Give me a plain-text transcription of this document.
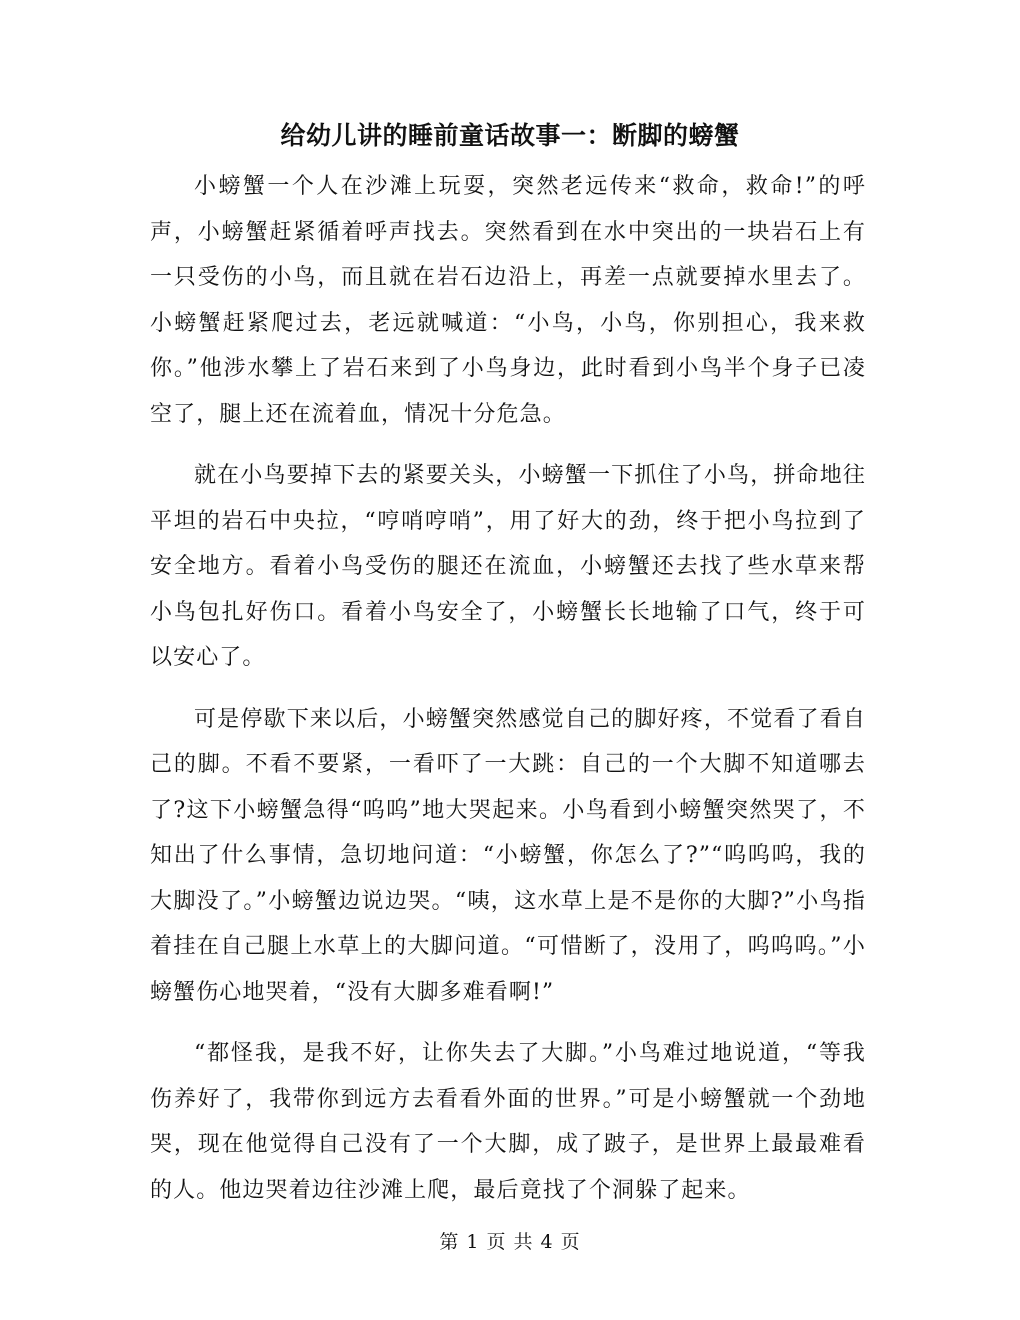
给幼儿讲的睡前童话故事一：断脚的螃蟹

小螃蟹一个人在沙滩上玩耍，突然老远传来“救命，救命!”的呼声，小螃蟹赶紧循着呼声找去。突然看到在水中突出的一块岩石上有一只受伤的小鸟，而且就在岩石边沿上，再差一点就要掉水里去了。小螃蟹赶紧爬过去，老远就喊道：“小鸟，小鸟，你别担心，我来救你。”他涉水攀上了岩石来到了小鸟身边，此时看到小鸟半个身子已凌空了，腿上还在流着血，情况十分危急。

就在小鸟要掉下去的紧要关头，小螃蟹一下抓住了小鸟，拼命地往平坦的岩石中央拉，“哼哨哼哨”，用了好大的劲，终于把小鸟拉到了安全地方。看着小鸟受伤的腿还在流血，小螃蟹还去找了些水草来帮小鸟包扎好伤口。看着小鸟安全了，小螃蟹长长地输了口气，终于可以安心了。

可是停歇下来以后，小螃蟹突然感觉自己的脚好疼，不觉看了看自己的脚。不看不要紧，一看吓了一大跳：自己的一个大脚不知道哪去了?这下小螃蟹急得“呜呜”地大哭起来。小鸟看到小螃蟹突然哭了，不知出了什么事情，急切地问道：“小螃蟹，你怎么了?”“呜呜呜，我的大脚没了。”小螃蟹边说边哭。“咦，这水草上是不是你的大脚?”小鸟指着挂在自己腿上水草上的大脚问道。“可惜断了，没用了，呜呜呜。”小螃蟹伤心地哭着，“没有大脚多难看啊!”

“都怪我，是我不好，让你失去了大脚。”小鸟难过地说道，“等我伤养好了，我带你到远方去看看外面的世界。”可是小螃蟹就一个劲地哭，现在他觉得自己没有了一个大脚，成了跛子，是世界上最最难看的人。他边哭着边往沙滩上爬，最后竟找了个洞躲了起来。

第 1 页 共 4 页
